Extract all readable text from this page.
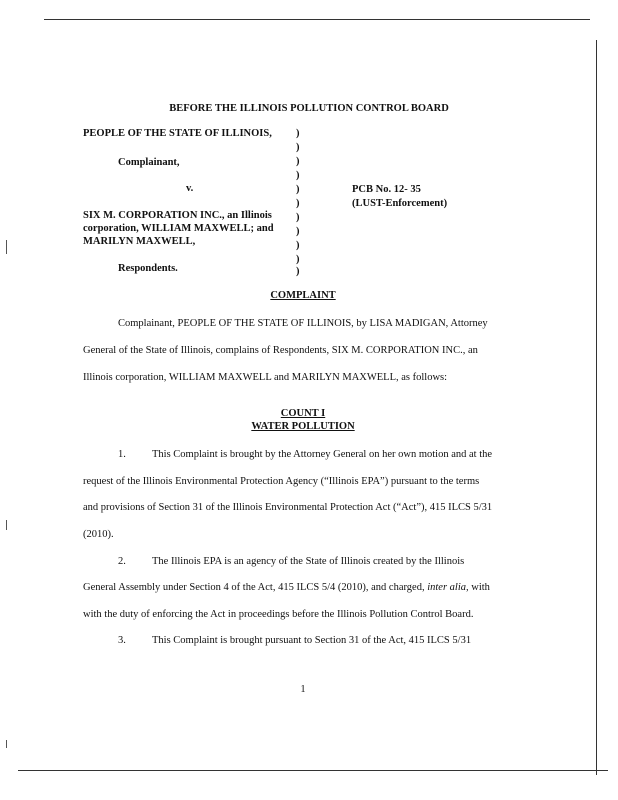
BEFORE THE ILLINOIS POLLUTION CONTROL BOARD
PEOPLE OF THE STATE OF ILLINOIS,
Complainant,
v.
SIX M. CORPORATION INC., an Illinois
corporation, WILLIAM MAXWELL; and
MARILYN MAXWELL,
Respondents.
)
)
)
)
)
)
)
)
)
)
)
PCB No. 12- 35
(LUST-Enforcement)
COMPLAINT
Complainant, PEOPLE OF THE STATE OF ILLINOIS, by LISA MADIGAN, Attorney
General of the State of Illinois, complains of Respondents, SIX M. CORPORATION INC., an
Illinois corporation, WILLIAM MAXWELL and MARILYN MAXWELL, as follows:
COUNT I
WATER POLLUTION
1. This Complaint is brought by the Attorney General on her own motion and at the
request of the Illinois Environmental Protection Agency (“Illinois EPA”) pursuant to the terms
and provisions of Section 31 of the Illinois Environmental Protection Act (“Act”), 415 ILCS 5/31
(2010).
2. The Illinois EPA is an agency of the State of Illinois created by the Illinois
General Assembly under Section 4 of the Act, 415 ILCS 5/4 (2010), and charged, inter alia, with
with the duty of enforcing the Act in proceedings before the Illinois Pollution Control Board.
3. This Complaint is brought pursuant to Section 31 of the Act, 415 ILCS 5/31
1
